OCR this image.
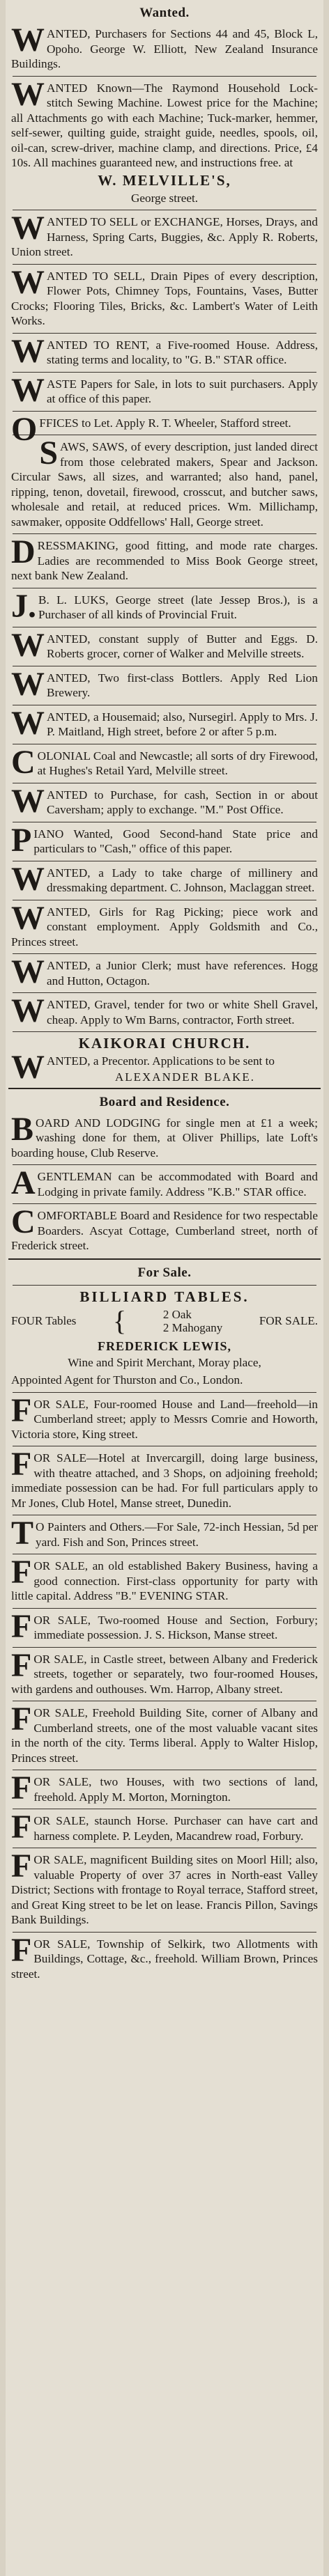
Wanted.
WANTED, Purchasers for Sections 44 and 45, Block L, Opoho. George W. Elliott, New Zealand Insurance Buildings.
WANTED Known—The Raymond Household Lock-stitch Sewing Machine. Lowest price for the Machine; all Attachments go with each Machine; Tuck-marker, hemmer, self-sewer, quilting guide, straight guide, needles, spools, oil, oil-can, screw-driver, machine clamp, and directions. Price, £4 10s. All machines guaranteed new, and instructions free. at
W. MELVILLE'S,
George street.
WANTED TO SELL or EXCHANGE, Horses, Drays, and Harness, Spring Carts, Buggies, &c. Apply R. Roberts, Union street.
WANTED TO SELL, Drain Pipes of every description, Flower Pots, Chimney Tops, Fountains, Vases, Butter Crocks; Flooring Tiles, Bricks, &c. Lambert's Water of Leith Works.
WANTED TO RENT, a Five-roomed House. Address, stating terms and locality, to "G. B." STAR office.
WASTE Papers for Sale, in lots to suit purchasers. Apply at office of this paper.
OFFICES to Let. Apply R. T. Wheeler, Stafford street.
SAWS, SAWS, of every description, just landed direct from those celebrated makers, Spear and Jackson. Circular Saws, all sizes, and warranted; also hand, panel, ripping, tenon, dovetail, firewood, crosscut, and butcher saws, wholesale and retail, at reduced prices. Wm. Millichamp, sawmaker, opposite Oddfellows' Hall, George street.
DRESSMAKING, good fitting, and mode rate charges. Ladies are recommended to Miss Book George street, next bank New Zealand.
J.B. L. LUKS, George street (late Jessep Bros.), is a Purchaser of all kinds of Provincial Fruit.
WANTED, constant supply of Butter and Eggs. D. Roberts grocer, corner of Walker and Melville streets.
WANTED, Two first-class Bottlers. Apply Red Lion Brewery.
WANTED, a Housemaid; also, Nursegirl. Apply to Mrs. J. P. Maitland, High street, before 2 or after 5 p.m.
COLONIAL Coal and Newcastle; all sorts of dry Firewood, at Hughes's Retail Yard, Melville street.
WANTED to Purchase, for cash, Section in or about Caversham; apply to exchange. "M." Post Office.
PIANO Wanted, Good Second-hand State price and particulars to "Cash," office of this paper.
WANTED, a Lady to take charge of millinery and dressmaking department. C. Johnson, Maclaggan street.
WANTED, Girls for Rag Picking; piece work and constant employment. Apply Goldsmith and Co., Princes street.
WANTED, a Junior Clerk; must have references. Hogg and Hutton, Octagon.
WANTED, Gravel, tender for two or white Shell Gravel, cheap. Apply to Wm Barns, contractor, Forth street.
KAIKORAI CHURCH.
WANTED, a Precentor. Applications to be sent to
ALEXANDER BLAKE.
Board and Residence.
BOARD AND LODGING for single men at £1 a week; washing done for them, at Oliver Phillips, late Loft's boarding house, Club Reserve.
AGENTLEMAN can be accommodated with Board and Lodging in private family. Address "K.B." STAR office.
COMFORTABLE Board and Residence for two respectable Boarders. Ascyat Cottage, Cumberland street, north of Frederick street.
For Sale.
BILLIARD TABLES.
FOUR Tables {	2 Oak
2 Mahogany
FOR SALE.
FREDERICK LEWIS,
Wine and Spirit Merchant, Moray place,
Appointed Agent for Thurston and Co., London.
FOR SALE, Four-roomed House and Land—freehold—in Cumberland street; apply to Messrs Comrie and Howorth, Victoria store, King street.
FOR SALE—Hotel at Invercargill, doing large business, with theatre attached, and 3 Shops, on adjoining freehold; immediate possession can be had. For full particulars apply to Mr Jones, Club Hotel, Manse street, Dunedin.
TO Painters and Others.—For Sale, 72-inch Hessian, 5d per yard. Fish and Son, Princes street.
FOR SALE, an old established Bakery Business, having a good connection. First-class opportunity for party with little capital. Address "B." EVENING STAR.
FOR SALE, Two-roomed House and Section, Forbury; immediate possession. J. S. Hickson, Manse street.
FOR SALE, in Castle street, between Albany and Frederick streets, together or separately, two four-roomed Houses, with gardens and outhouses. Wm. Harrop, Albany street.
FOR SALE, Freehold Building Site, corner of Albany and Cumberland streets, one of the most valuable vacant sites in the north of the city. Terms liberal. Apply to Walter Hislop, Princes street.
FOR SALE, two Houses, with two sections of land, freehold. Apply M. Morton, Mornington.
FOR SALE, staunch Horse. Purchaser can have cart and harness complete. P. Leyden, Macandrew road, Forbury.
FOR SALE, magnificent Building sites on Moorl Hill; also, valuable Property of over 37 acres in North-east Valley District; Sections with frontage to Royal terrace, Stafford street, and Great King street to be let on lease. Francis Pillon, Savings Bank Buildings.
FOR SALE, Township of Selkirk, two Allotments with Buildings, Cottage, &c., freehold. William Brown, Princes street.
